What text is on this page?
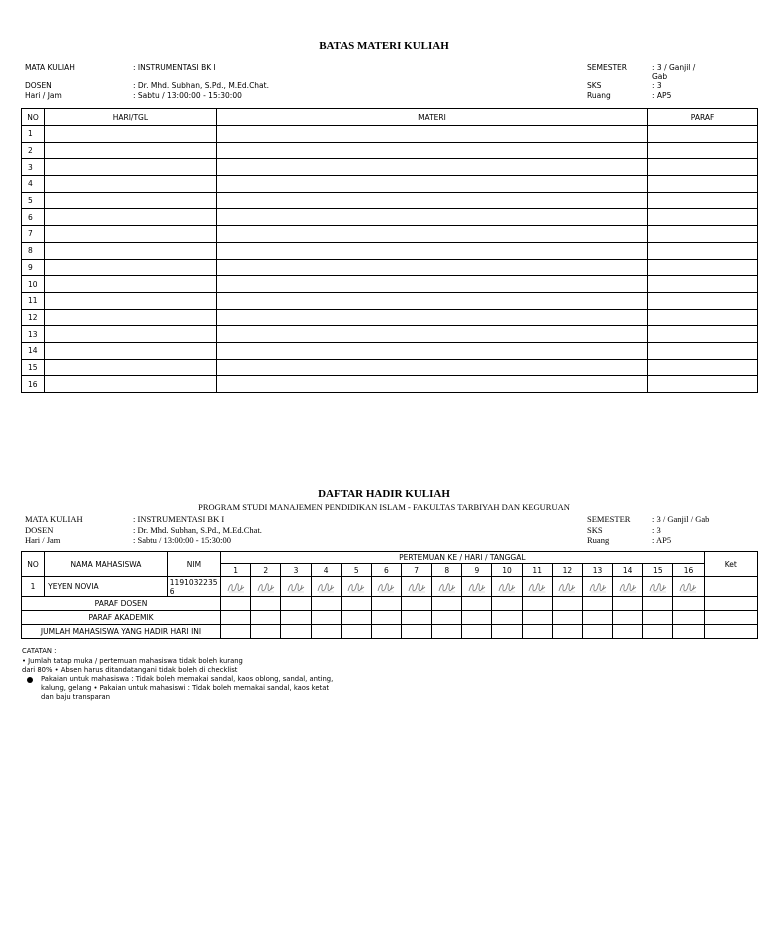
BATAS MATERI KULIAH
MATA KULIAH	: INSTRUMENTASI BK I
DOSEN	: Dr. Mhd. Subhan, S.Pd., M.Ed.Chat.
Hari / Jam	: Sabtu / 13:00:00 - 15:30:00
SEMESTER	: 3 / Ganjil /
Gab
SKS	: 3
Ruang	: AP5
NO	HARI/TGL	MATERI	PARAF
1			
2			
3			
4			
5			
6			
7			
8			
9			
10			
11			
12			
13			
14			
15			
16			
DAFTAR HADIR KULIAH
PROGRAM STUDI MANAJEMEN PENDIDIKAN ISLAM - FAKULTAS TARBIYAH DAN KEGURUAN
MATA KULIAH	: INSTRUMENTASI BK I
DOSEN	: Dr. Mhd. Subhan, S.Pd., M.Ed.Chat.
Hari / Jam	: Sabtu / 13:00:00 - 15:30:00
SEMESTER	: 3 / Ganjil / Gab
SKS	: 3
Ruang	: AP5
NO	NAMA MAHASISWA	NIM	PERTEMUAN KE / HARI / TANGGAL																Ket
			1	2	3	4	5	6	7	8	9	10	11	12	13	14	15	16	
1	YEYEN NOVIA	1191032235
6																	
PARAF DOSEN																			
PARAF AKADEMIK																			
JUMLAH MAHASISWA YANG HADIR HARI INI																			
CATATAN :
• Jumlah tatap muka / pertemuan mahasiswa tidak boleh kurang
dari 80% • Absen harus ditandatangani tidak boleh di checklist
Pakaian untuk mahasiswa : Tidak boleh memakai sandal, kaos oblong, sandal, anting,
kalung, gelang • Pakaian untuk mahasiswi : Tidak boleh memakai sandal, kaos ketat
dan baju transparan
